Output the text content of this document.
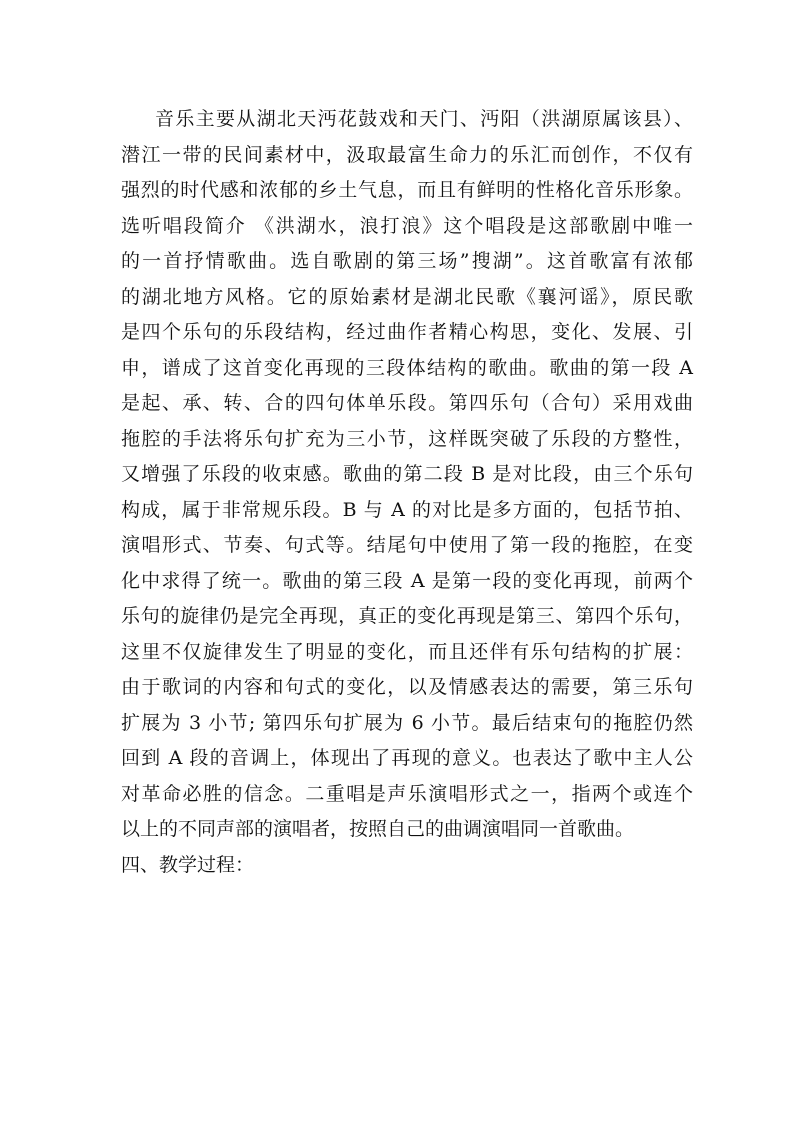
音乐主要从湖北天沔花鼓戏和天门、沔阳（洪湖原属该县）、
潜江一带的民间素材中，汲取最富生命力的乐汇而创作，不仅有
强烈的时代感和浓郁的乡土气息，而且有鲜明的性格化音乐形象。
选听唱段简介 《洪湖水，浪打浪》这个唱段是这部歌剧中唯一
的一首抒情歌曲。选自歌剧的第三场”搜湖”。这首歌富有浓郁
的湖北地方风格。它的原始素材是湖北民歌《襄河谣》，原民歌
是四个乐句的乐段结构，经过曲作者精心构思，变化、发展、引
申，谱成了这首变化再现的三段体结构的歌曲。歌曲的第一段 A
是起、承、转、合的四句体单乐段。第四乐句（合句）采用戏曲
拖腔的手法将乐句扩充为三小节，这样既突破了乐段的方整性，
又增强了乐段的收束感。歌曲的第二段 B 是对比段，由三个乐句
构成，属于非常规乐段。B 与 A 的对比是多方面的，包括节拍、
演唱形式、节奏、句式等。结尾句中使用了第一段的拖腔，在变
化中求得了统一。歌曲的第三段 A 是第一段的变化再现，前两个
乐句的旋律仍是完全再现，真正的变化再现是第三、第四个乐句，
这里不仅旋律发生了明显的变化，而且还伴有乐句结构的扩展：
由于歌词的内容和句式的变化，以及情感表达的需要，第三乐句
扩展为 3 小节; 第四乐句扩展为 6 小节。最后结束句的拖腔仍然
回到 A 段的音调上，体现出了再现的意义。也表达了歌中主人公
对革命必胜的信念。二重唱是声乐演唱形式之一，指两个或连个
以上的不同声部的演唱者，按照自己的曲调演唱同一首歌曲。
四、教学过程：
